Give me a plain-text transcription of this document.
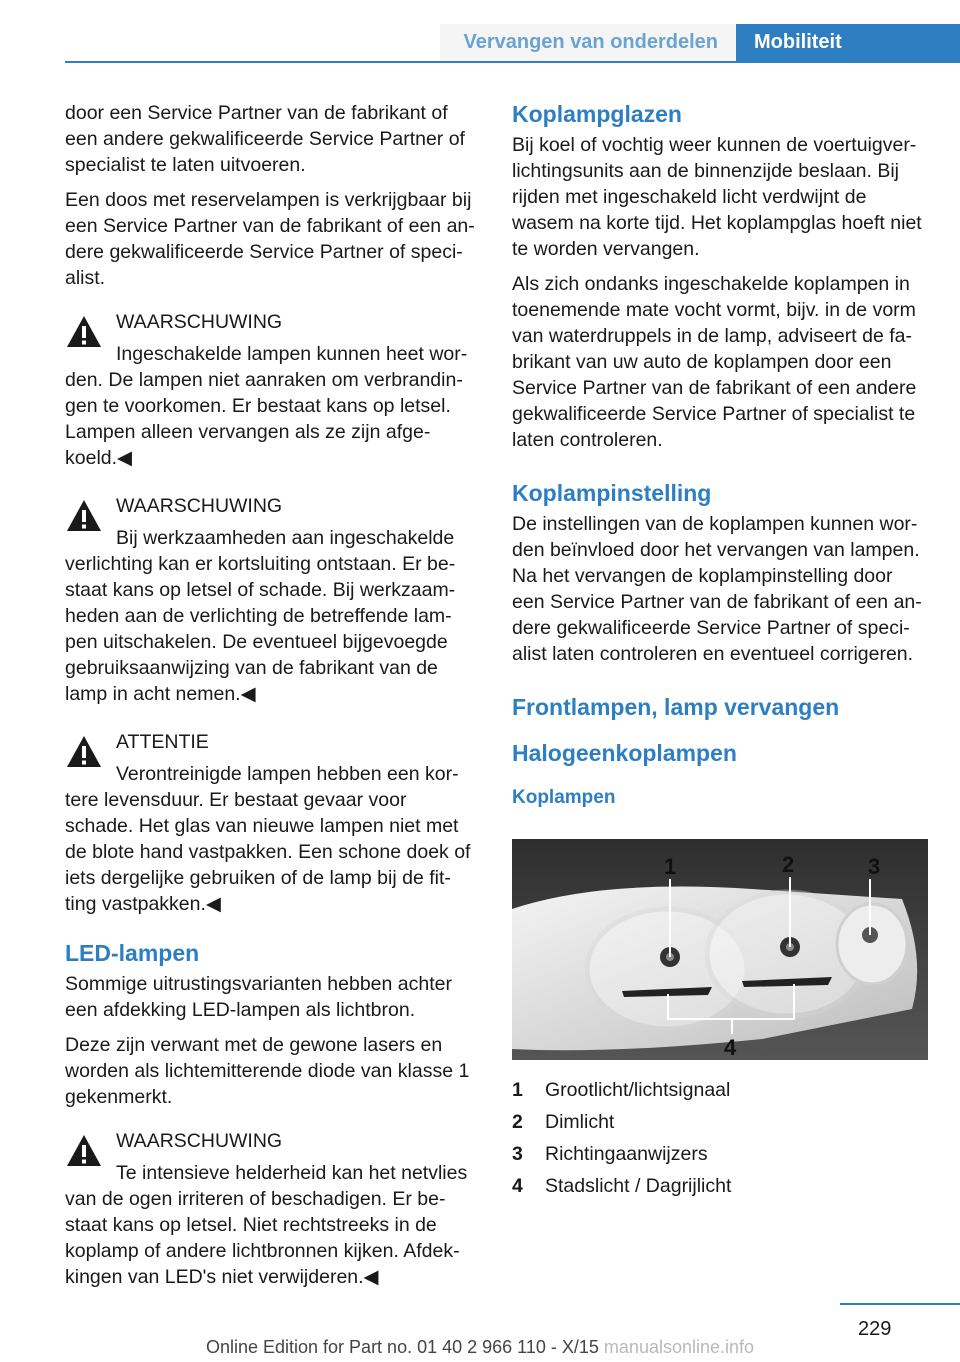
Vervangen van onderdelen	Mobiliteit

door een Service Partner van de fabrikant of een andere gekwalificeerde Service Partner of specialist te laten uitvoeren.

Een doos met reservelampen is verkrijgbaar bij een Service Partner van de fabrikant of een an-dere gekwalificeerde Service Partner of speci-alist.

WAARSCHUWING
Ingeschakelde lampen kunnen heet wor-den. De lampen niet aanraken om verbrandin-gen te voorkomen. Er bestaat kans op letsel. Lampen alleen vervangen als ze zijn afge-koeld.◀
WAARSCHUWING
Bij werkzaamheden aan ingeschakelde verlichting kan er kortsluiting ontstaan. Er be-staat kans op letsel of schade. Bij werkzaam-heden aan de verlichting de betreffende lam-pen uitschakelen. De eventueel bijgevoegde gebruiksaanwijzing van de fabrikant van de lamp in acht nemen.◀
ATTENTIE
Verontreinigde lampen hebben een kor-tere levensduur. Er bestaat gevaar voor schade. Het glas van nieuwe lampen niet met de blote hand vastpakken. Een schone doek of iets dergelijke gebruiken of de lamp bij de fit-ting vastpakken.◀
LED-lampen

Sommige uitrustingsvarianten hebben achter een afdekking LED-lampen als lichtbron.

Deze zijn verwant met de gewone lasers en worden als lichtemitterende diode van klasse 1 gekenmerkt.

WAARSCHUWING
Te intensieve helderheid kan het netvlies van de ogen irriteren of beschadigen. Er be-staat kans op letsel. Niet rechtstreeks in de koplamp of andere lichtbronnen kijken. Afdek-kingen van LED's niet verwijderen.◀
Koplampglazen

Bij koel of vochtig weer kunnen de voertuigver-lichtingsunits aan de binnenzijde beslaan. Bij rijden met ingeschakeld licht verdwijnt de wasem na korte tijd. Het koplampglas hoeft niet te worden vervangen.

Als zich ondanks ingeschakelde koplampen in toenemende mate vocht vormt, bijv. in de vorm van waterdruppels in de lamp, adviseert de fa-brikant van uw auto de koplampen door een Service Partner van de fabrikant of een andere gekwalificeerde Service Partner of specialist te laten controleren.

Koplampinstelling

De instellingen van de koplampen kunnen wor-den beïnvloed door het vervangen van lampen. Na het vervangen de koplampinstelling door een Service Partner van de fabrikant of een an-dere gekwalificeerde Service Partner of speci-alist laten controleren en eventueel corrigeren.

Frontlampen, lamp vervangen
Halogeenkoplampen
Koplampen
1	2	3
4
1	Grootlicht/lichtsignaal
2	Dimlicht
3	Richtingaanwijzers
4	Stadslicht / Dagrijlicht
229
Online Edition for Part no. 01 40 2 966 110 - X/15 manualsonline.info
